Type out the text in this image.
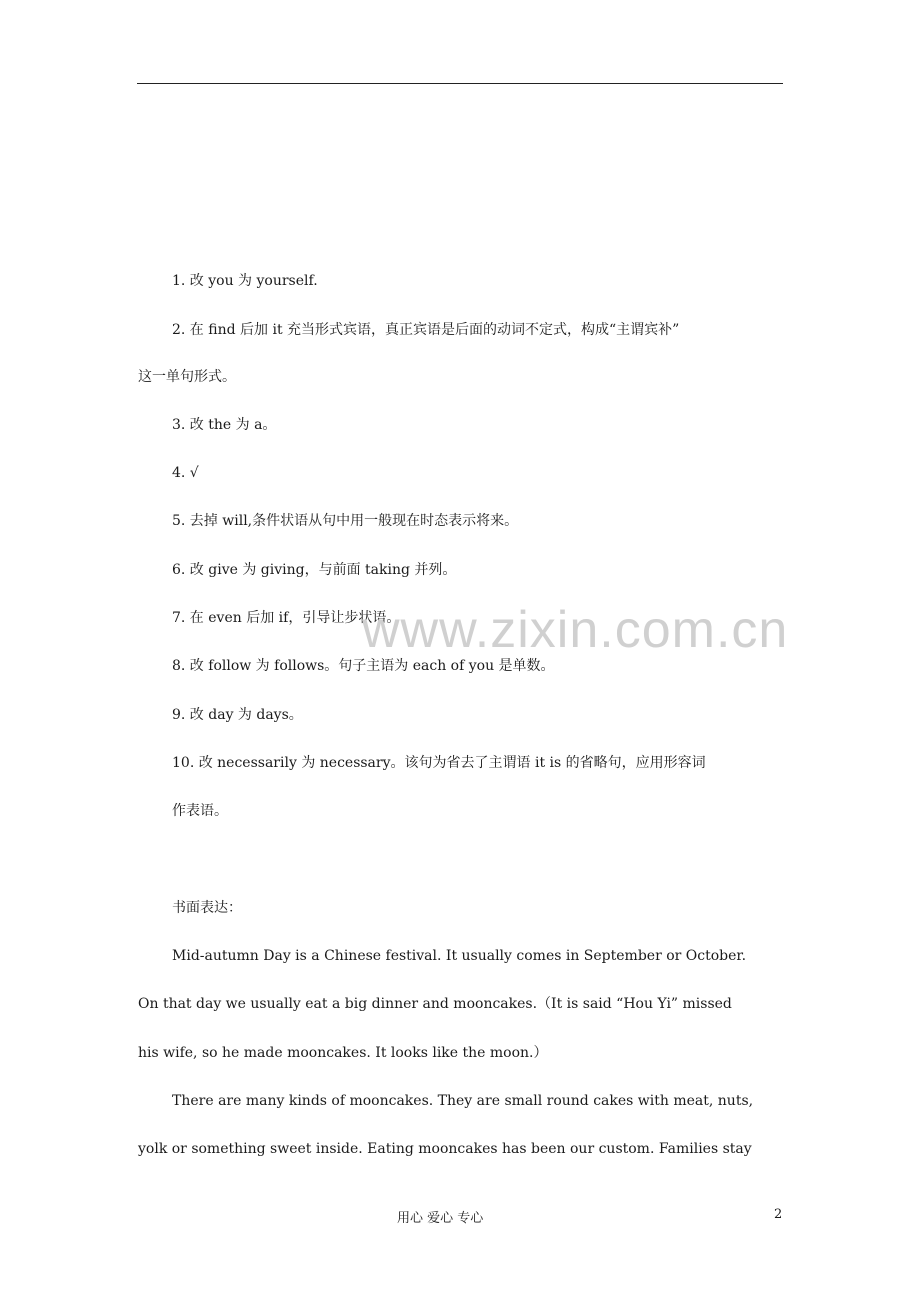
1. 改 you 为 yourself.
2. 在 find 后加 it 充当形式宾语，真正宾语是后面的动词不定式，构成“主谓宾补”
这一单句形式。
3. 改 the 为 a。
4. √
5. 去掉 will,条件状语从句中用一般现在时态表示将来。
6. 改 give 为 giving，与前面 taking 并列。
7. 在 even 后加 if，引导让步状语。
8. 改 follow 为 follows。句子主语为 each of you 是单数。
9. 改 day 为 days。
10. 改 necessarily 为 necessary。该句为省去了主谓语 it is 的省略句，应用形容词
作表语。
书面表达：
Mid-autumn Day is a Chinese festival. It usually comes in September or October.
On that day we usually eat a big dinner and mooncakes.（It is said “Hou Yi” missed
his wife, so he made mooncakes. It looks like the moon.）
There are many kinds of mooncakes. They are small round cakes with meat, nuts,
yolk or something sweet inside. Eating mooncakes has been our custom. Families stay
www.zixin.com.cn
用心 爱心 专心	2
